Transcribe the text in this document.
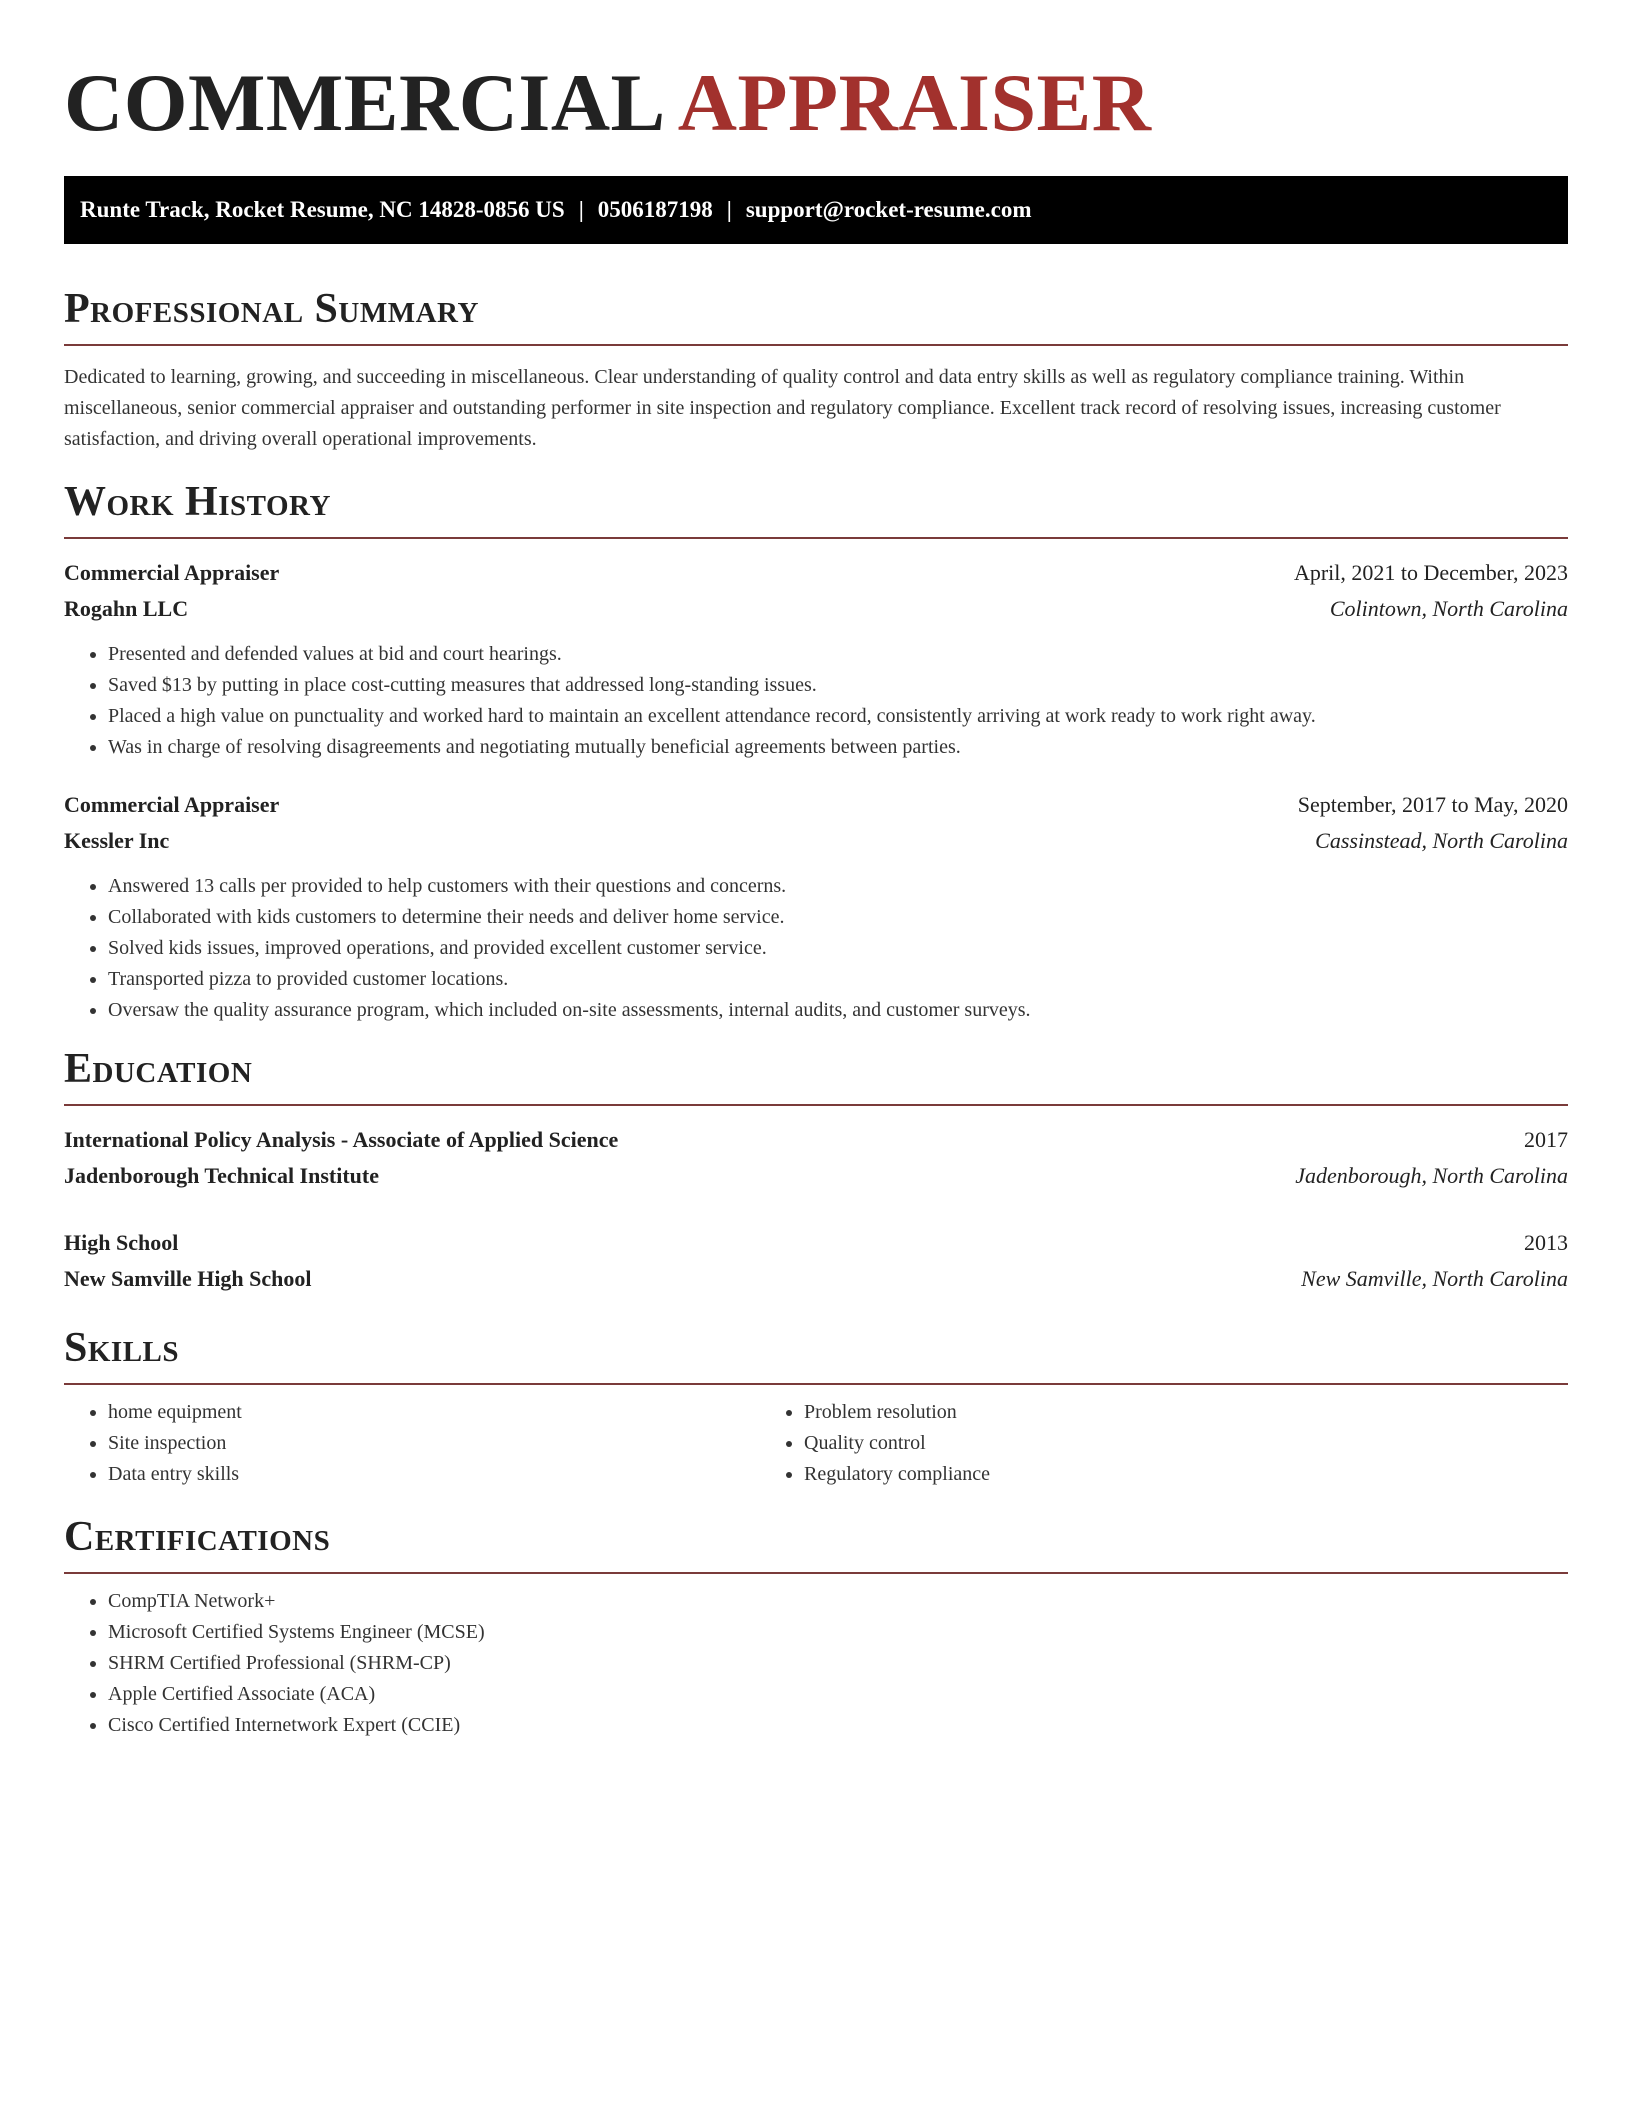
COMMERCIAL APPRAISER
Runte Track, Rocket Resume, NC 14828-0856 US | 0506187198 | support@rocket-resume.com
Professional Summary

Dedicated to learning, growing, and succeeding in miscellaneous. Clear understanding of quality control and data entry skills as well as regulatory compliance training. Within miscellaneous, senior commercial appraiser and outstanding performer in site inspection and regulatory compliance. Excellent track record of resolving issues, increasing customer satisfaction, and driving overall operational improvements.

Work History
Commercial Appraiser	April, 2021 to December, 2023
Rogahn LLC	Colintown, North Carolina
• Presented and defended values at bid and court hearings.
• Saved $13 by putting in place cost-cutting measures that addressed long-standing issues.
• Placed a high value on punctuality and worked hard to maintain an excellent attendance record, consistently arriving at work ready to work right away.
• Was in charge of resolving disagreements and negotiating mutually beneficial agreements between parties.
Commercial Appraiser	September, 2017 to May, 2020
Kessler Inc	Cassinstead, North Carolina
• Answered 13 calls per provided to help customers with their questions and concerns.
• Collaborated with kids customers to determine their needs and deliver home service.
• Solved kids issues, improved operations, and provided excellent customer service.
• Transported pizza to provided customer locations.
• Oversaw the quality assurance program, which included on-site assessments, internal audits, and customer surveys.
Education
International Policy Analysis - Associate of Applied Science	2017
Jadenborough Technical Institute	Jadenborough, North Carolina
High School	2013
New Samville High School	New Samville, North Carolina
Skills
• home equipment
• Site inspection
• Data entry skills
• Problem resolution
• Quality control
• Regulatory compliance
Certifications
• CompTIA Network+
• Microsoft Certified Systems Engineer (MCSE)
• SHRM Certified Professional (SHRM-CP)
• Apple Certified Associate (ACA)
• Cisco Certified Internetwork Expert (CCIE)
